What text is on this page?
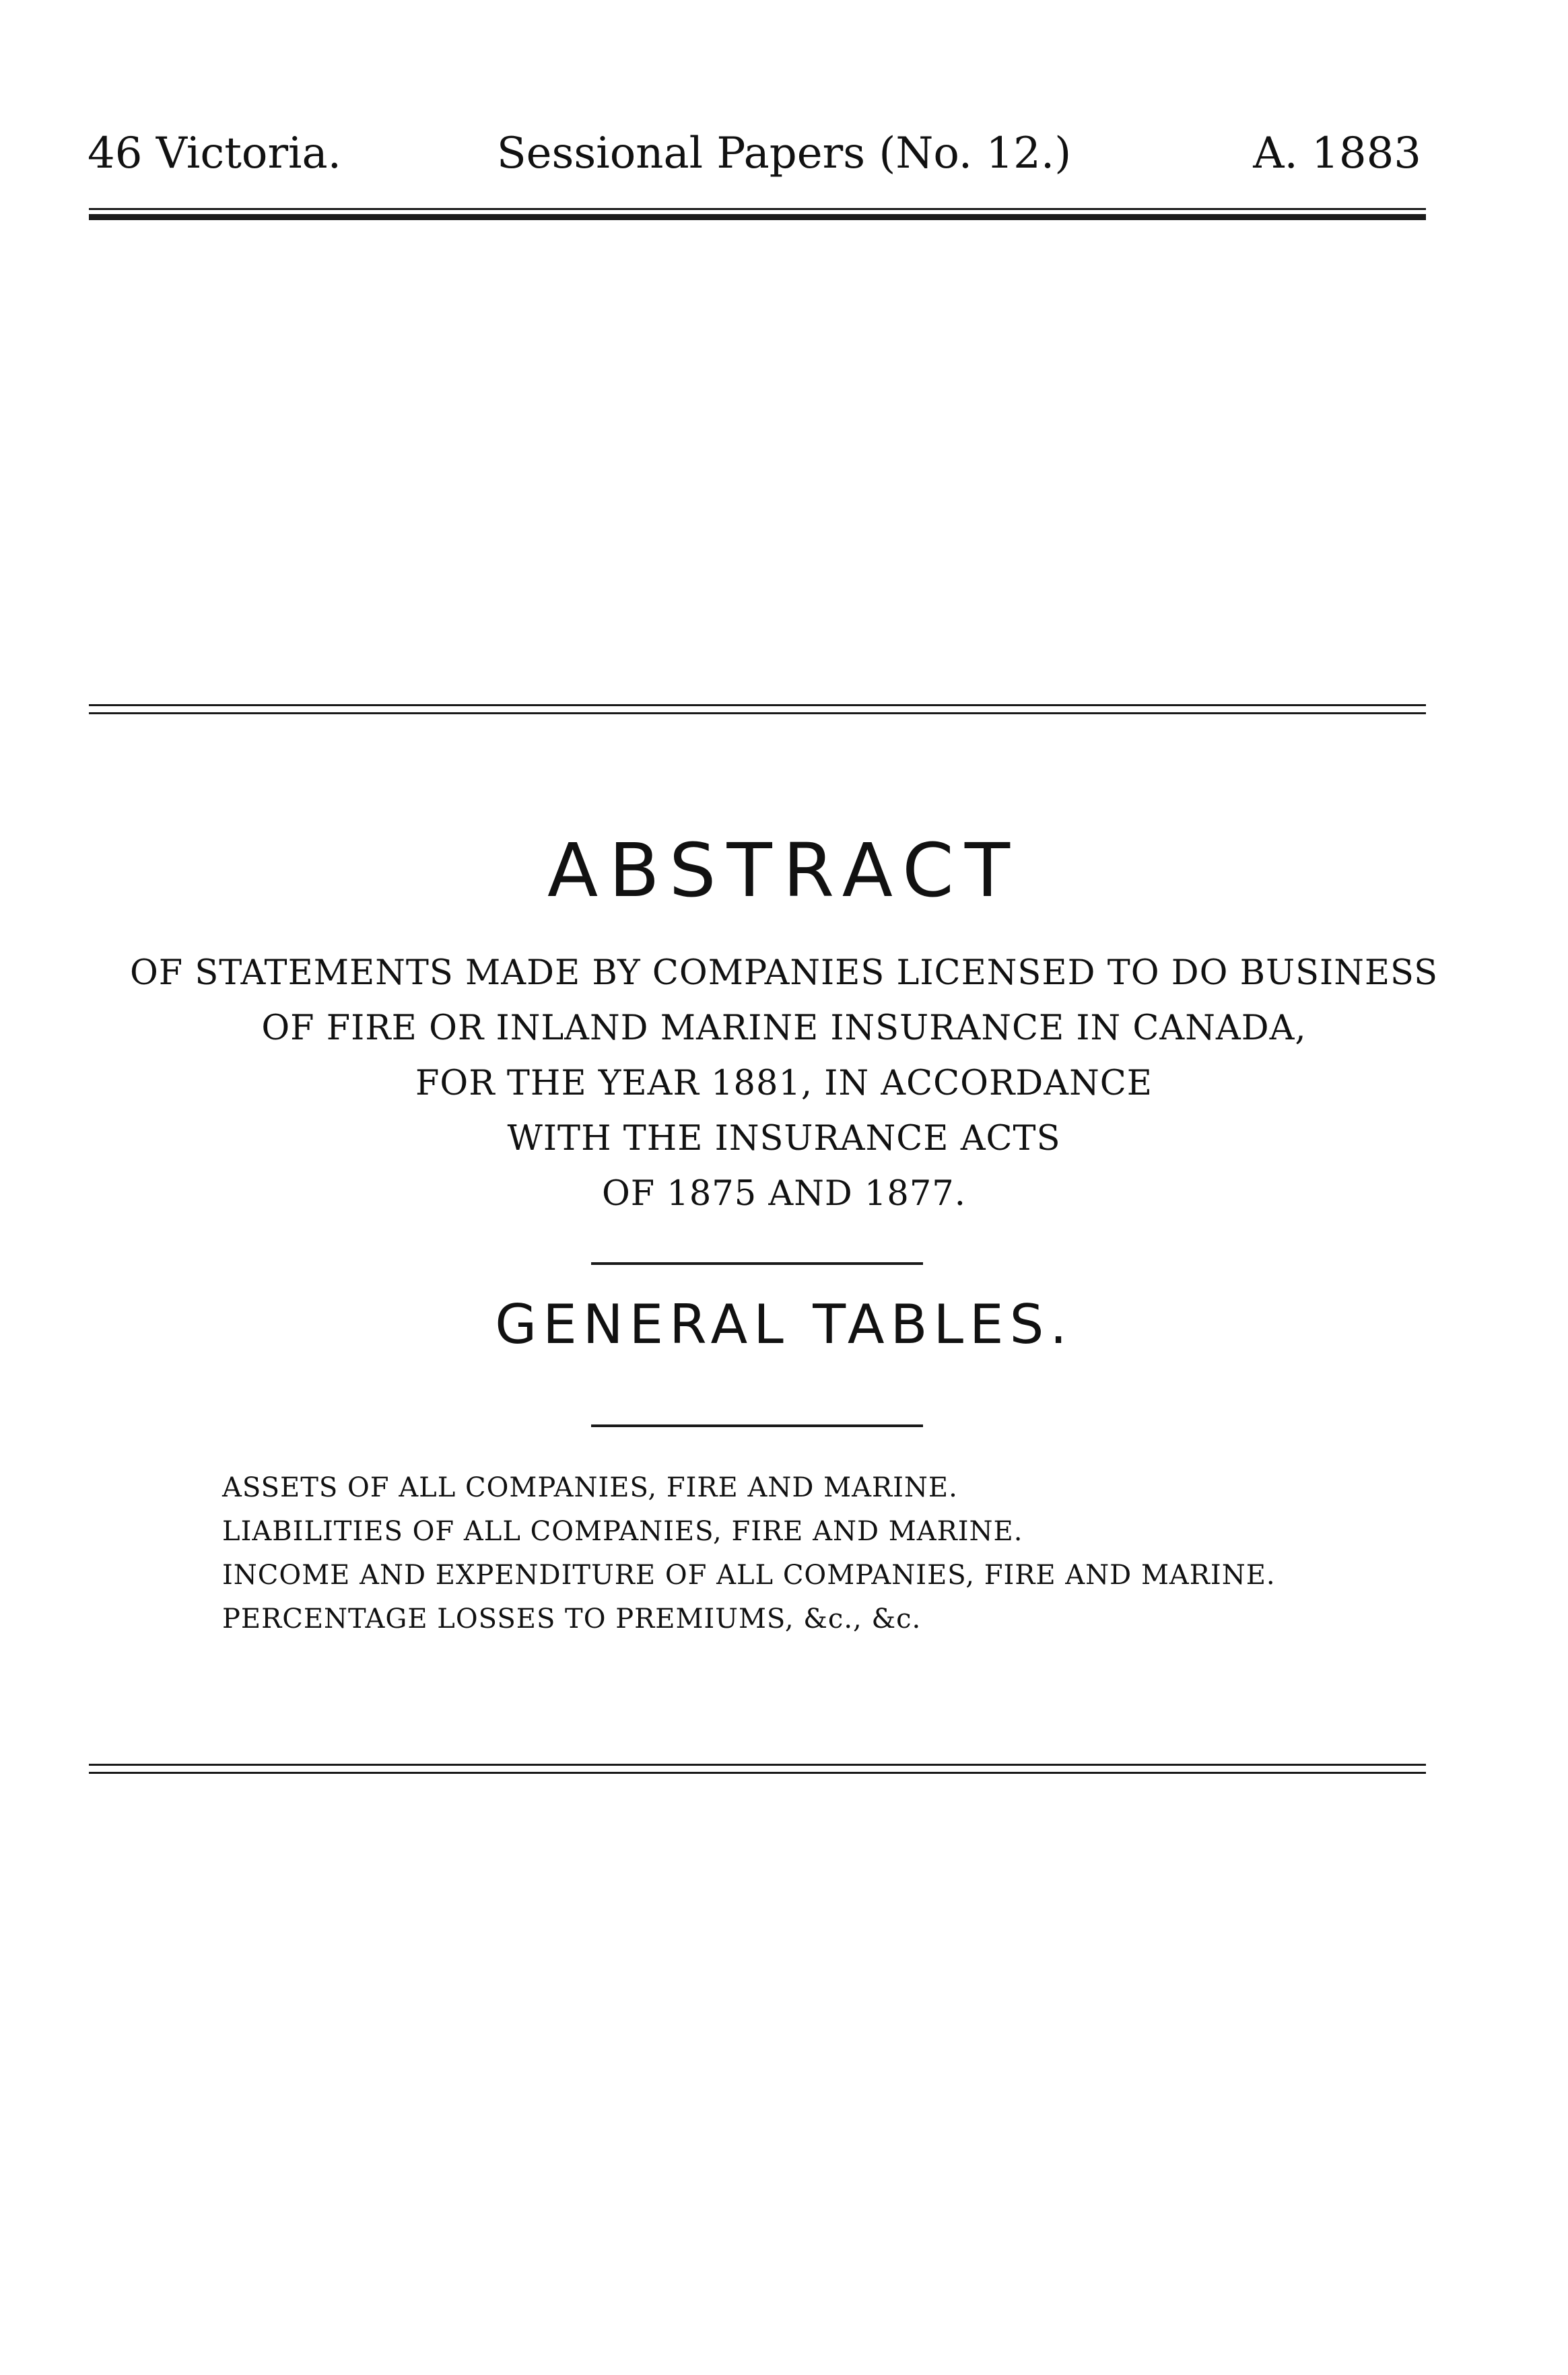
46 Victoria.	Sessional Papers (No. 12.)	A. 1883
ABSTRACT
OF STATEMENTS MADE BY COMPANIES LICENSED TO DO BUSINESS
OF FIRE OR INLAND MARINE INSURANCE IN CANADA,
FOR THE YEAR 1881, IN ACCORDANCE
WITH THE INSURANCE ACTS
OF 1875 AND 1877.
GENERAL TABLES.
ASSETS OF ALL COMPANIES, FIRE AND MARINE.
LIABILITIES OF ALL COMPANIES, FIRE AND MARINE.
INCOME AND EXPENDITURE OF ALL COMPANIES, FIRE AND MARINE.
PERCENTAGE LOSSES TO PREMIUMS, &c., &c.
